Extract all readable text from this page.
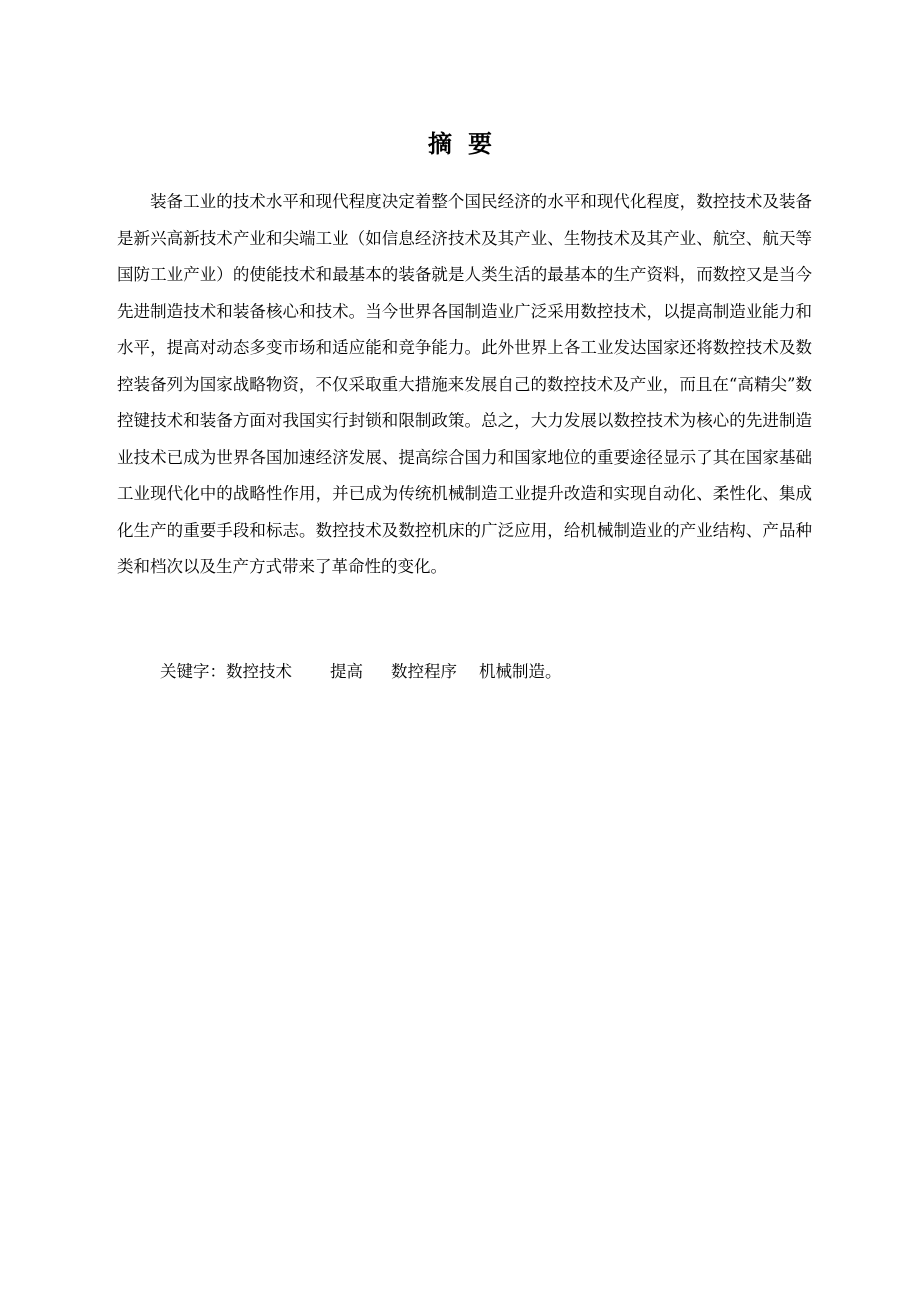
摘要

装备工业的技术水平和现代程度决定着整个国民经济的水平和现代化程度，数控技术及装备是新兴高新技术产业和尖端工业（如信息经济技术及其产业、生物技术及其产业、航空、航天等国防工业产业）的使能技术和最基本的装备就是人类生活的最基本的生产资料，而数控又是当今先进制造技术和装备核心和技术。当今世界各国制造业广泛采用数控技术，以提高制造业能力和水平，提高对动态多变市场和适应能和竞争能力。此外世界上各工业发达国家还将数控技术及数控装备列为国家战略物资，不仅采取重大措施来发展自己的数控技术及产业，而且在“高精尖”数控键技术和装备方面对我国实行封锁和限制政策。总之，大力发展以数控技术为核心的先进制造业技术已成为世界各国加速经济发展、提高综合国力和国家地位的重要途径显示了其在国家基础工业现代化中的战略性作用，并已成为传统机械制造工业提升改造和实现自动化、柔性化、集成化生产的重要手段和标志。数控技术及数控机床的广泛应用，给机械制造业的产业结构、产品种类和档次以及生产方式带来了革命性的变化。

关键字：数控技术 提高 数控程序 机械制造。
